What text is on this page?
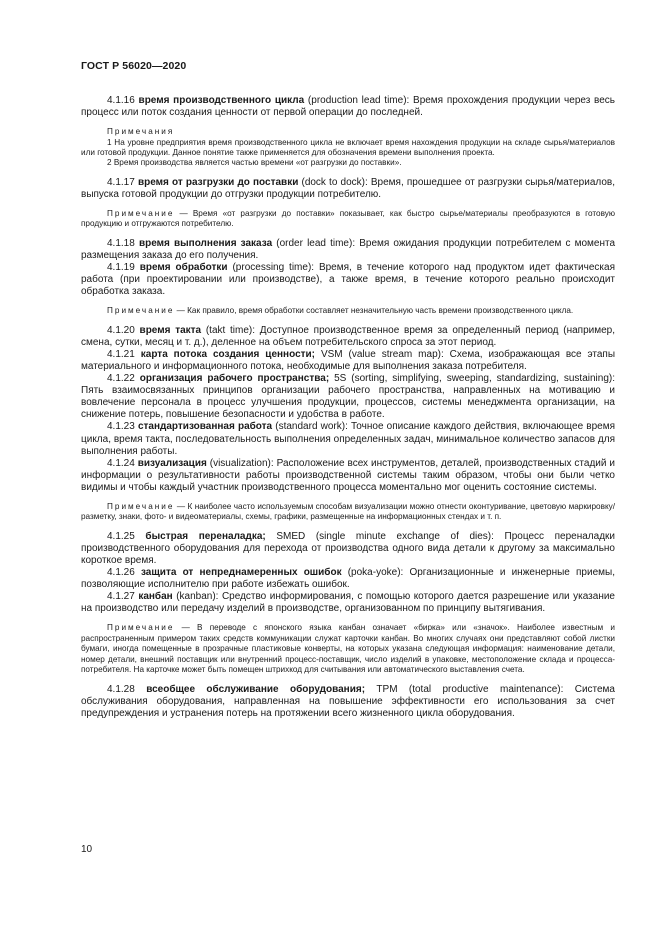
ГОСТ Р 56020—2020

4.1.16 время производственного цикла (production lead time): Время прохождения продукции через весь процесс или поток создания ценности от первой операции до последней.

Примечания

1 На уровне предприятия время производственного цикла не включает время нахождения продукции на складе сырья/материалов или готовой продукции. Данное понятие также применяется для обозначения времени выполнения проекта.

2 Время производства является частью времени «от разгрузки до поставки».

4.1.17 время от разгрузки до поставки (dock to dock): Время, прошедшее от разгрузки сырья/материалов, выпуска готовой продукции до отгрузки продукции потребителю.

Примечание — Время «от разгрузки до поставки» показывает, как быстро сырье/материалы преобразуются в готовую продукцию и отгружаются потребителю.

4.1.18 время выполнения заказа (order lead time): Время ожидания продукции потребителем с момента размещения заказа до его получения.

4.1.19 время обработки (processing time): Время, в течение которого над продуктом идет фактическая работа (при проектировании или производстве), а также время, в течение которого реально происходит обработка заказа.

Примечание — Как правило, время обработки составляет незначительную часть времени производственного цикла.

4.1.20 время такта (takt time): Доступное производственное время за определенный период (например, смена, сутки, месяц и т. д.), деленное на объем потребительского спроса за этот период.

4.1.21 карта потока создания ценности; VSM (value stream map): Схема, изображающая все этапы материального и информационного потока, необходимые для выполнения заказа потребителя.

4.1.22 организация рабочего пространства; 5S (sorting, simplifying, sweeping, standardizing, sustaining): Пять взаимосвязанных принципов организации рабочего пространства, направленных на мотивацию и вовлечение персонала в процесс улучшения продукции, процессов, системы менеджмента организации, на снижение потерь, повышение безопасности и удобства в работе.

4.1.23 стандартизованная работа (standard work): Точное описание каждого действия, включающее время цикла, время такта, последовательность выполнения определенных задач, минимальное количество запасов для выполнения работы.

4.1.24 визуализация (visualization): Расположение всех инструментов, деталей, производственных стадий и информации о результативности работы производственной системы таким образом, чтобы они были четко видимы и чтобы каждый участник производственного процесса моментально мог оценить состояние системы.

Примечание — К наиболее часто используемым способам визуализации можно отнести оконтуривание, цветовую маркировку/разметку, знаки, фото- и видеоматериалы, схемы, графики, размещенные на информационных стендах и т. п.

4.1.25 быстрая переналадка; SMED (single minute exchange of dies): Процесс переналадки производственного оборудования для перехода от производства одного вида детали к другому за максимально короткое время.

4.1.26 защита от непреднамеренных ошибок (poka-yoke): Организационные и инженерные приемы, позволяющие исполнителю при работе избежать ошибок.

4.1.27 канбан (kanban): Средство информирования, с помощью которого дается разрешение или указание на производство или передачу изделий в производстве, организованном по принципу вытягивания.

Примечание — В переводе с японского языка канбан означает «бирка» или «значок». Наиболее известным и распространенным примером таких средств коммуникации служат карточки канбан. Во многих случаях они представляют собой листки бумаги, иногда помещенные в прозрачные пластиковые конверты, на которых указана следующая информация: наименование детали, номер детали, внешний поставщик или внутренний процесс-поставщик, число изделий в упаковке, местоположение склада и процесса-потребителя. На карточке может быть помещен штрихкод для считывания или автоматического выставления счета.

4.1.28 всеобщее обслуживание оборудования; TPM (total productive maintenance): Система обслуживания оборудования, направленная на повышение эффективности его использования за счет предупреждения и устранения потерь на протяжении всего жизненного цикла оборудования.

10
